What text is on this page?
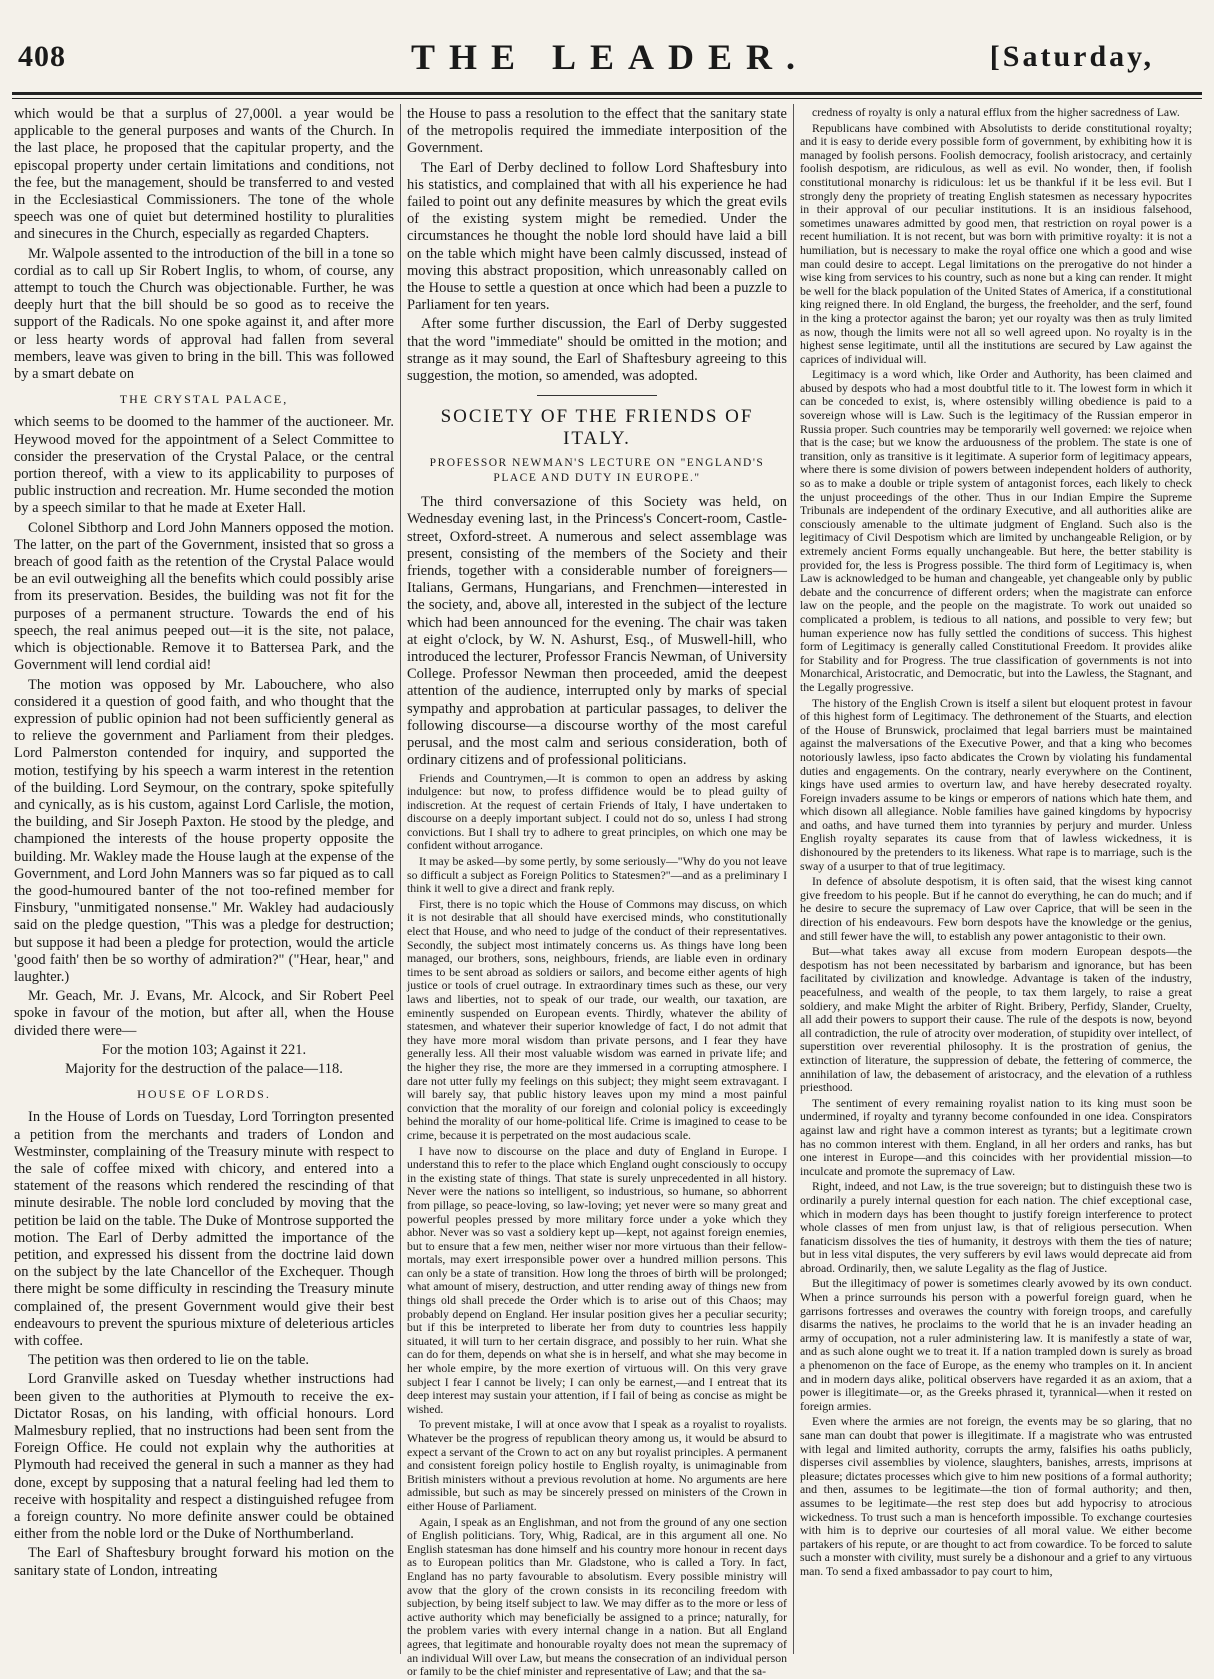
408	THE LEADER.	[Saturday,

which would be that a surplus of 27,000l. a year would be applicable to the general purposes and wants of the Church. In the last place, he proposed that the capitular property, and the episcopal property under certain limitations and conditions, not the fee, but the management, should be transferred to and vested in the Ecclesiastical Commissioners. The tone of the whole speech was one of quiet but determined hostility to pluralities and sinecures in the Church, especially as regarded Chapters.

Mr. Walpole assented to the introduction of the bill in a tone so cordial as to call up Sir Robert Inglis, to whom, of course, any attempt to touch the Church was objectionable. Further, he was deeply hurt that the bill should be so good as to receive the support of the Radicals. No one spoke against it, and after more or less hearty words of approval had fallen from several members, leave was given to bring in the bill. This was followed by a smart debate on

THE CRYSTAL PALACE,

which seems to be doomed to the hammer of the auctioneer. Mr. Heywood moved for the appointment of a Select Committee to consider the preservation of the Crystal Palace, or the central portion thereof, with a view to its applicability to purposes of public instruction and recreation. Mr. Hume seconded the motion by a speech similar to that he made at Exeter Hall.

Colonel Sibthorp and Lord John Manners opposed the motion. The latter, on the part of the Government, insisted that so gross a breach of good faith as the retention of the Crystal Palace would be an evil outweighing all the benefits which could possibly arise from its preservation. Besides, the building was not fit for the purposes of a permanent structure. Towards the end of his speech, the real animus peeped out—it is the site, not palace, which is objectionable. Remove it to Battersea Park, and the Government will lend cordial aid!

The motion was opposed by Mr. Labouchere, who also considered it a question of good faith, and who thought that the expression of public opinion had not been sufficiently general as to relieve the government and Parliament from their pledges. Lord Palmerston contended for inquiry, and supported the motion, testifying by his speech a warm interest in the retention of the building. Lord Seymour, on the contrary, spoke spitefully and cynically, as is his custom, against Lord Carlisle, the motion, the building, and Sir Joseph Paxton. He stood by the pledge, and championed the interests of the house property opposite the building. Mr. Wakley made the House laugh at the expense of the Government, and Lord John Manners was so far piqued as to call the good-humoured banter of the not too-refined member for Finsbury, "unmitigated nonsense." Mr. Wakley had audaciously said on the pledge question, "This was a pledge for destruction; but suppose it had been a pledge for protection, would the article 'good faith' then be so worthy of admiration?" ("Hear, hear," and laughter.)

Mr. Geach, Mr. J. Evans, Mr. Alcock, and Sir Robert Peel spoke in favour of the motion, but after all, when the House divided there were—

For the motion 103; Against it 221.

Majority for the destruction of the palace—118.

HOUSE OF LORDS.

In the House of Lords on Tuesday, Lord Torrington presented a petition from the merchants and traders of London and Westminster, complaining of the Treasury minute with respect to the sale of coffee mixed with chicory, and entered into a statement of the reasons which rendered the rescinding of that minute desirable. The noble lord concluded by moving that the petition be laid on the table. The Duke of Montrose supported the motion. The Earl of Derby admitted the importance of the petition, and expressed his dissent from the doctrine laid down on the subject by the late Chancellor of the Exchequer. Though there might be some difficulty in rescinding the Treasury minute complained of, the present Government would give their best endeavours to prevent the spurious mixture of deleterious articles with coffee.

The petition was then ordered to lie on the table.

Lord Granville asked on Tuesday whether instructions had been given to the authorities at Plymouth to receive the ex-Dictator Rosas, on his landing, with official honours. Lord Malmesbury replied, that no instructions had been sent from the Foreign Office. He could not explain why the authorities at Plymouth had received the general in such a manner as they had done, except by supposing that a natural feeling had led them to receive with hospitality and respect a distinguished refugee from a foreign country. No more definite answer could be obtained either from the noble lord or the Duke of Northumberland.

The Earl of Shaftesbury brought forward his motion on the sanitary state of London, intreating

the House to pass a resolution to the effect that the sanitary state of the metropolis required the immediate interposition of the Government.

The Earl of Derby declined to follow Lord Shaftesbury into his statistics, and complained that with all his experience he had failed to point out any definite measures by which the great evils of the existing system might be remedied. Under the circumstances he thought the noble lord should have laid a bill on the table which might have been calmly discussed, instead of moving this abstract proposition, which unreasonably called on the House to settle a question at once which had been a puzzle to Parliament for ten years.

After some further discussion, the Earl of Derby suggested that the word "immediate" should be omitted in the motion; and strange as it may sound, the Earl of Shaftesbury agreeing to this suggestion, the motion, so amended, was adopted.

SOCIETY OF THE FRIENDS OF ITALY.
PROFESSOR NEWMAN'S LECTURE ON "ENGLAND'S PLACE AND DUTY IN EUROPE."

The third conversazione of this Society was held, on Wednesday evening last, in the Princess's Concert-room, Castle-street, Oxford-street. A numerous and select assemblage was present, consisting of the members of the Society and their friends, together with a considerable number of foreigners—Italians, Germans, Hungarians, and Frenchmen—interested in the society, and, above all, interested in the subject of the lecture which had been announced for the evening. The chair was taken at eight o'clock, by W. N. Ashurst, Esq., of Muswell-hill, who introduced the lecturer, Professor Francis Newman, of University College. Professor Newman then proceeded, amid the deepest attention of the audience, interrupted only by marks of special sympathy and approbation at particular passages, to deliver the following discourse—a discourse worthy of the most careful perusal, and the most calm and serious consideration, both of ordinary citizens and of professional politicians.

Friends and Countrymen,—It is common to open an address by asking indulgence: but now, to profess diffidence would be to plead guilty of indiscretion. At the request of certain Friends of Italy, I have undertaken to discourse on a deeply important subject. I could not do so, unless I had strong convictions. But I shall try to adhere to great principles, on which one may be confident without arrogance.

It may be asked—by some pertly, by some seriously—"Why do you not leave so difficult a subject as Foreign Politics to Statesmen?"—and as a preliminary I think it well to give a direct and frank reply.

First, there is no topic which the House of Commons may discuss, on which it is not desirable that all should have exercised minds, who constitutionally elect that House, and who need to judge of the conduct of their representatives. Secondly, the subject most intimately concerns us. As things have long been managed, our brothers, sons, neighbours, friends, are liable even in ordinary times to be sent abroad as soldiers or sailors, and become either agents of high justice or tools of cruel outrage. In extraordinary times such as these, our very laws and liberties, not to speak of our trade, our wealth, our taxation, are eminently suspended on European events. Thirdly, whatever the ability of statesmen, and whatever their superior knowledge of fact, I do not admit that they have more moral wisdom than private persons, and I fear they have generally less. All their most valuable wisdom was earned in private life; and the higher they rise, the more are they immersed in a corrupting atmosphere. I dare not utter fully my feelings on this subject; they might seem extravagant. I will barely say, that public history leaves upon my mind a most painful conviction that the morality of our foreign and colonial policy is exceedingly behind the morality of our home-political life. Crime is imagined to cease to be crime, because it is perpetrated on the most audacious scale.

I have now to discourse on the place and duty of England in Europe. I understand this to refer to the place which England ought consciously to occupy in the existing state of things. That state is surely unprecedented in all history. Never were the nations so intelligent, so industrious, so humane, so abhorrent from pillage, so peace-loving, so law-loving; yet never were so many great and powerful peoples pressed by more military force under a yoke which they abhor. Never was so vast a soldiery kept up—kept, not against foreign enemies, but to ensure that a few men, neither wiser nor more virtuous than their fellow-mortals, may exert irresponsible power over a hundred million persons. This can only be a state of transition. How long the throes of birth will be prolonged; what amount of misery, destruction, and utter rending away of things new from things old shall precede the Order which is to arise out of this Chaos; may probably depend on England. Her insular position gives her a peculiar security; but if this be interpreted to liberate her from duty to countries less happily situated, it will turn to her certain disgrace, and possibly to her ruin. What she can do for them, depends on what she is in herself, and what she may become in her whole empire, by the more exertion of virtuous will. On this very grave subject I fear I cannot be lively; I can only be earnest,—and I entreat that its deep interest may sustain your attention, if I fail of being as concise as might be wished.

To prevent mistake, I will at once avow that I speak as a royalist to royalists. Whatever be the progress of republican theory among us, it would be absurd to expect a servant of the Crown to act on any but royalist principles. A permanent and consistent foreign policy hostile to English royalty, is unimaginable from British ministers without a previous revolution at home. No arguments are here admissible, but such as may be sincerely pressed on ministers of the Crown in either House of Parliament.

Again, I speak as an Englishman, and not from the ground of any one section of English politicians. Tory, Whig, Radical, are in this argument all one. No English statesman has done himself and his country more honour in recent days as to European politics than Mr. Gladstone, who is called a Tory. In fact, England has no party favourable to absolutism. Every possible ministry will avow that the glory of the crown consists in its reconciling freedom with subjection, by being itself subject to law. We may differ as to the more or less of active authority which may beneficially be assigned to a prince; naturally, for the problem varies with every internal change in a nation. But all England agrees, that legitimate and honourable royalty does not mean the supremacy of an individual Will over Law, but means the consecration of an individual person or family to be the chief minister and representative of Law; and that the sa-

credness of royalty is only a natural efflux from the higher sacredness of Law.

Republicans have combined with Absolutists to deride constitutional royalty; and it is easy to deride every possible form of government, by exhibiting how it is managed by foolish persons. Foolish democracy, foolish aristocracy, and certainly foolish despotism, are ridiculous, as well as evil. No wonder, then, if foolish constitutional monarchy is ridiculous: let us be thankful if it be less evil. But I strongly deny the propriety of treating English statesmen as necessary hypocrites in their approval of our peculiar institutions. It is an insidious falsehood, sometimes unawares admitted by good men, that restriction on royal power is a recent humiliation. It is not recent, but was born with primitive royalty: it is not a humiliation, but is necessary to make the royal office one which a good and wise man could desire to accept. Legal limitations on the prerogative do not hinder a wise king from services to his country, such as none but a king can render. It might be well for the black population of the United States of America, if a constitutional king reigned there. In old England, the burgess, the freeholder, and the serf, found in the king a protector against the baron; yet our royalty was then as truly limited as now, though the limits were not all so well agreed upon. No royalty is in the highest sense legitimate, until all the institutions are secured by Law against the caprices of individual will.

Legitimacy is a word which, like Order and Authority, has been claimed and abused by despots who had a most doubtful title to it. The lowest form in which it can be conceded to exist, is, where ostensibly willing obedience is paid to a sovereign whose will is Law. Such is the legitimacy of the Russian emperor in Russia proper. Such countries may be temporarily well governed: we rejoice when that is the case; but we know the arduousness of the problem. The state is one of transition, only as transitive is it legitimate. A superior form of legitimacy appears, where there is some division of powers between independent holders of authority, so as to make a double or triple system of antagonist forces, each likely to check the unjust proceedings of the other. Thus in our Indian Empire the Supreme Tribunals are independent of the ordinary Executive, and all authorities alike are consciously amenable to the ultimate judgment of England. Such also is the legitimacy of Civil Despotism which are limited by unchangeable Religion, or by extremely ancient Forms equally unchangeable. But here, the better stability is provided for, the less is Progress possible. The third form of Legitimacy is, when Law is acknowledged to be human and changeable, yet changeable only by public debate and the concurrence of different orders; when the magistrate can enforce law on the people, and the people on the magistrate. To work out unaided so complicated a problem, is tedious to all nations, and possible to very few; but human experience now has fully settled the conditions of success. This highest form of Legitimacy is generally called Constitutional Freedom. It provides alike for Stability and for Progress. The true classification of governments is not into Monarchical, Aristocratic, and Democratic, but into the Lawless, the Stagnant, and the Legally progressive.

The history of the English Crown is itself a silent but eloquent protest in favour of this highest form of Legitimacy. The dethronement of the Stuarts, and election of the House of Brunswick, proclaimed that legal barriers must be maintained against the malversations of the Executive Power, and that a king who becomes notoriously lawless, ipso facto abdicates the Crown by violating his fundamental duties and engagements. On the contrary, nearly everywhere on the Continent, kings have used armies to overturn law, and have hereby desecrated royalty. Foreign invaders assume to be kings or emperors of nations which hate them, and which disown all allegiance. Noble families have gained kingdoms by hypocrisy and oaths, and have turned them into tyrannies by perjury and murder. Unless English royalty separates its cause from that of lawless wickedness, it is dishonoured by the pretenders to its likeness. What rape is to marriage, such is the sway of a usurper to that of true legitimacy.

In defence of absolute despotism, it is often said, that the wisest king cannot give freedom to his people. But if he cannot do everything, he can do much; and if he desire to secure the supremacy of Law over Caprice, that will be seen in the direction of his endeavours. Few born despots have the knowledge or the genius, and still fewer have the will, to establish any power antagonistic to their own.

But—what takes away all excuse from modern European despots—the despotism has not been necessitated by barbarism and ignorance, but has been facilitated by civilization and knowledge. Advantage is taken of the industry, peacefulness, and wealth of the people, to tax them largely, to raise a great soldiery, and make Might the arbiter of Right. Bribery, Perfidy, Slander, Cruelty, all add their powers to support their cause. The rule of the despots is now, beyond all contradiction, the rule of atrocity over moderation, of stupidity over intellect, of superstition over reverential philosophy. It is the prostration of genius, the extinction of literature, the suppression of debate, the fettering of commerce, the annihilation of law, the debasement of aristocracy, and the elevation of a ruthless priesthood.

The sentiment of every remaining royalist nation to its king must soon be undermined, if royalty and tyranny become confounded in one idea. Conspirators against law and right have a common interest as tyrants; but a legitimate crown has no common interest with them. England, in all her orders and ranks, has but one interest in Europe—and this coincides with her providential mission—to inculcate and promote the supremacy of Law.

Right, indeed, and not Law, is the true sovereign; but to distinguish these two is ordinarily a purely internal question for each nation. The chief exceptional case, which in modern days has been thought to justify foreign interference to protect whole classes of men from unjust law, is that of religious persecution. When fanaticism dissolves the ties of humanity, it destroys with them the ties of nature; but in less vital disputes, the very sufferers by evil laws would deprecate aid from abroad. Ordinarily, then, we salute Legality as the flag of Justice.

But the illegitimacy of power is sometimes clearly avowed by its own conduct. When a prince surrounds his person with a powerful foreign guard, when he garrisons fortresses and overawes the country with foreign troops, and carefully disarms the natives, he proclaims to the world that he is an invader heading an army of occupation, not a ruler administering law. It is manifestly a state of war, and as such alone ought we to treat it. If a nation trampled down is surely as broad a phenomenon on the face of Europe, as the enemy who tramples on it. In ancient and in modern days alike, political observers have regarded it as an axiom, that a power is illegitimate—or, as the Greeks phrased it, tyrannical—when it rested on foreign armies.

Even where the armies are not foreign, the events may be so glaring, that no sane man can doubt that power is illegitimate. If a magistrate who was entrusted with legal and limited authority, corrupts the army, falsifies his oaths publicly, disperses civil assemblies by violence, slaughters, banishes, arrests, imprisons at pleasure; dictates processes which give to him new positions of a formal authority; and then, assumes to be legitimate—the tion of formal authority; and then, assumes to be legitimate—the rest step does but add hypocrisy to atrocious wickedness. To trust such a man is henceforth impossible. To exchange courtesies with him is to deprive our courtesies of all moral value. We either become partakers of his repute, or are thought to act from cowardice. To be forced to salute such a monster with civility, must surely be a dishonour and a grief to any virtuous man. To send a fixed ambassador to pay court to him,
